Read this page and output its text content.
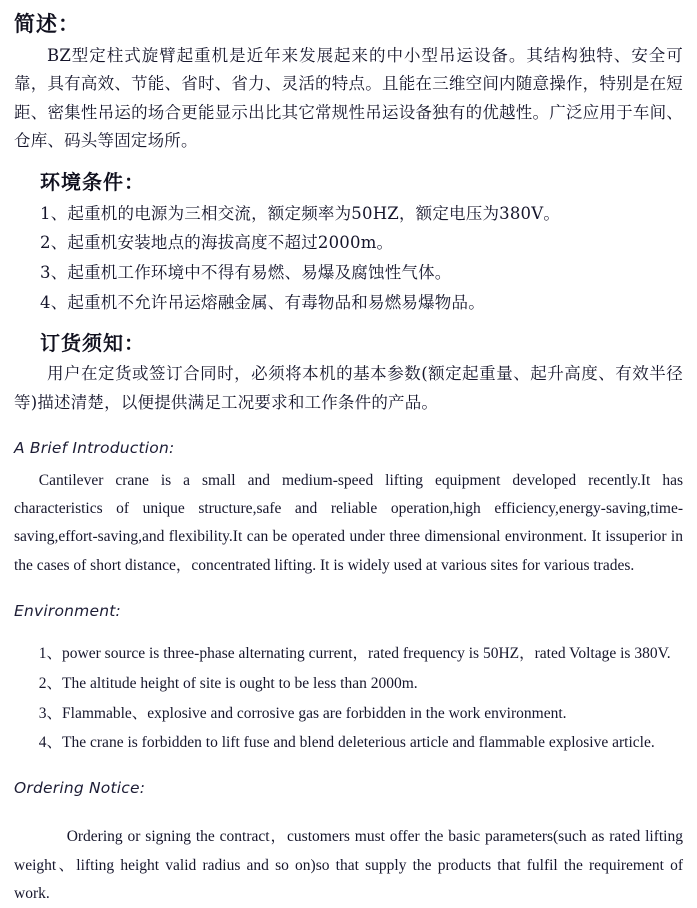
简述：
BZ型定柱式旋臂起重机是近年来发展起来的中小型吊运设备。其结构独特、安全可靠，具有高效、节能、省时、省力、灵活的特点。且能在三维空间内随意操作，特别是在短距、密集性吊运的场合更能显示出比其它常规性吊运设备独有的优越性。广泛应用于车间、仓库、码头等固定场所。
环境条件：
1、起重机的电源为三相交流，额定频率为50HZ，额定电压为380V。
2、起重机安装地点的海拔高度不超过2000m。
3、起重机工作环境中不得有易燃、易爆及腐蚀性气体。
4、起重机不允许吊运熔融金属、有毒物品和易燃易爆物品。
订货须知：
用户在定货或签订合同时，必须将本机的基本参数(额定起重量、起升高度、有效半径等)描述清楚，以便提供满足工况要求和工作条件的产品。
A Brief Introduction:
Cantilever crane is a small and medium-speed lifting equipment developed recently.It has characteristics of unique structure,safe and reliable operation,high efficiency,energy-saving,time-saving,effort-saving,and flexibility.It can be operated under three dimensional environment. It issuperior in the cases of short distance，concentrated lifting. It is widely used at various sites for various trades.
Environment:
1、power source is three-phase alternating current，rated frequency is 50HZ，rated Voltage is 380V.
2、The altitude height of site is ought to be less than 2000m.
3、Flammable、explosive and corrosive gas are forbidden in the work environment.
4、The crane is forbidden to lift fuse and blend deleterious article and flammable explosive article.
Ordering Notice:
Ordering or signing the contract，customers must offer the basic parameters(such as rated lifting weight、lifting height valid radius and so on)so that supply the products that fulfil the requirement of work.
